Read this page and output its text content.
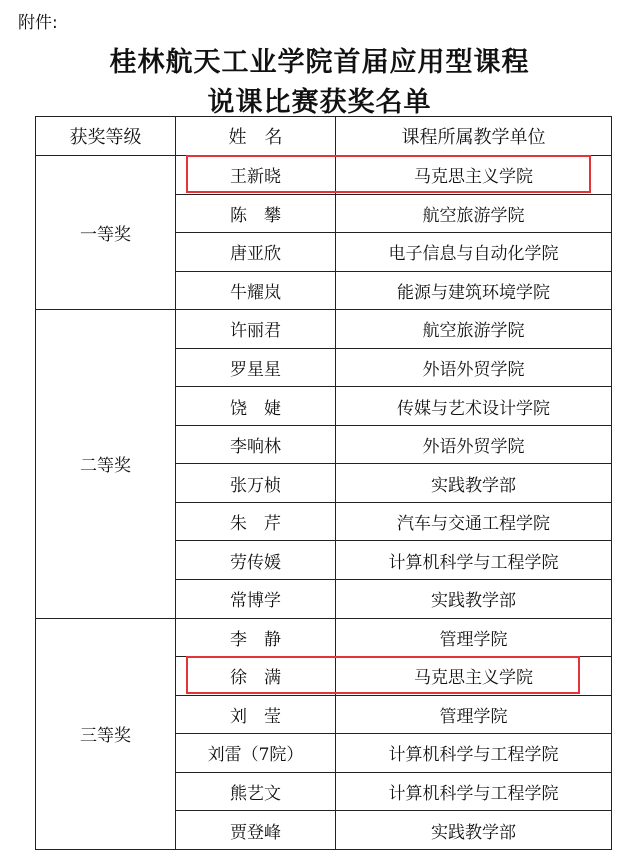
附件:
桂林航天工业学院首届应用型课程
说课比赛获奖名单
获奖等级	姓　名	课程所属教学单位
一等奖	王新晓	马克思主义学院
	陈　攀	航空旅游学院
	唐亚欣	电子信息与自动化学院
	牛耀岚	能源与建筑环境学院
二等奖	许丽君	航空旅游学院
	罗星星	外语外贸学院
	饶　婕	传媒与艺术设计学院
	李响林	外语外贸学院
	张万桢	实践教学部
	朱　芹	汽车与交通工程学院
	劳传媛	计算机科学与工程学院
	常博学	实践教学部
三等奖	李　静	管理学院
	徐　满	马克思主义学院
	刘　莹	管理学院
	刘雷（7院）	计算机科学与工程学院
	熊艺文	计算机科学与工程学院
	贾登峰	实践教学部
